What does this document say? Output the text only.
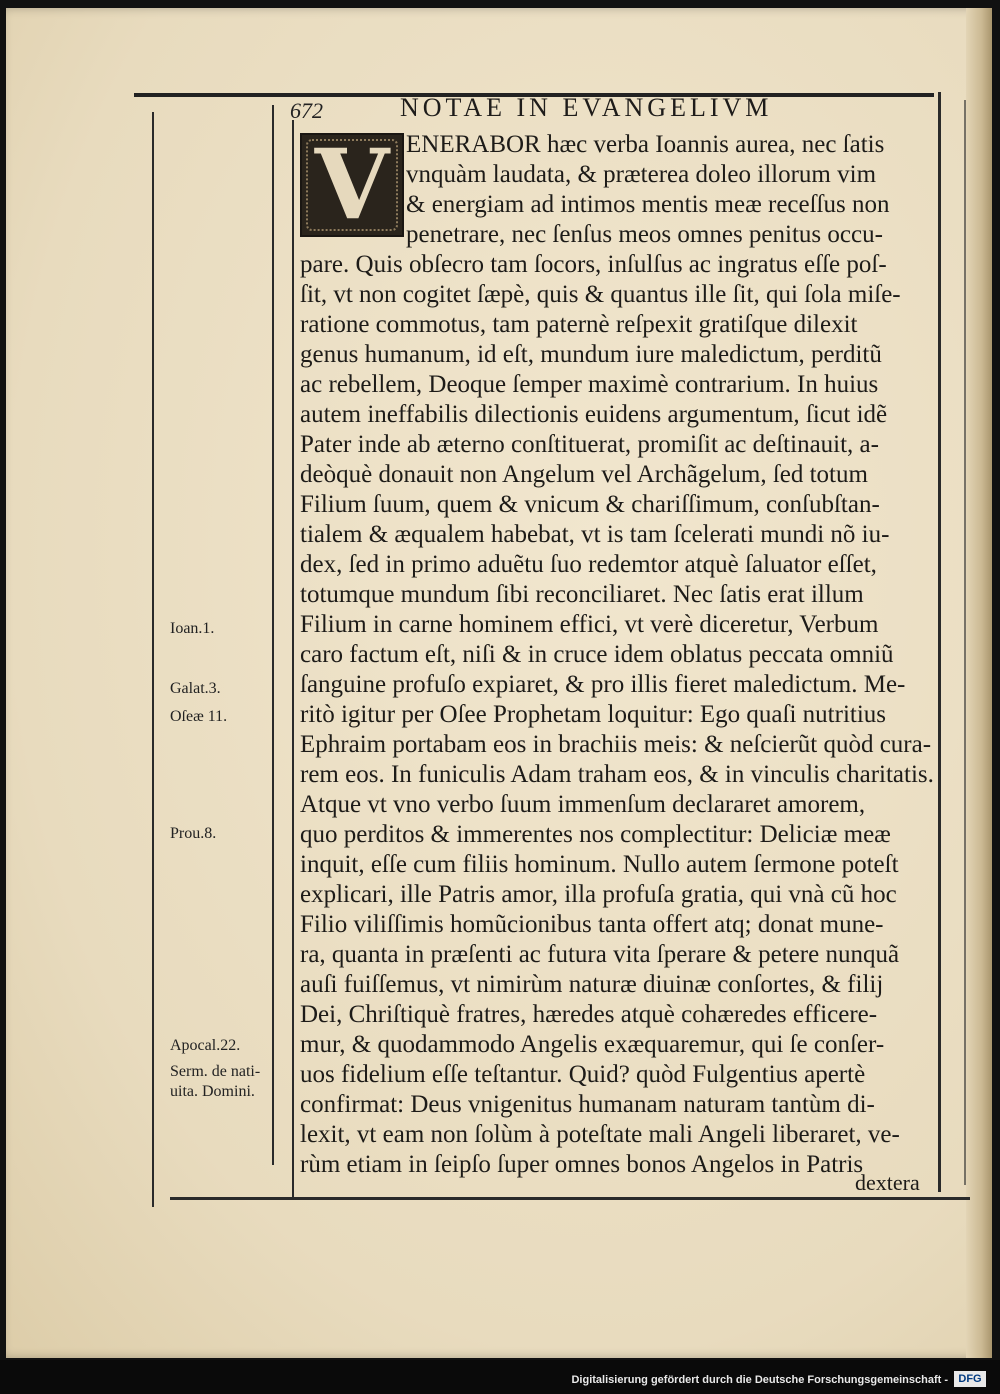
672	NOTAE IN EVANGELIVM
V ENERABOR hæc verba Ioannis aurea, nec ſatis
vnquàm laudata, & præterea doleo illorum vim
& energiam ad intimos mentis meæ receſſus non
penetrare, nec ſenſus meos omnes penitus occu-
pare. Quis obſecro tam ſocors, inſulſus ac ingratus eſſe poſ-
ſit, vt non cogitet ſæpè, quis & quantus ille ſit, qui ſola miſe-
ratione commotus, tam paternè reſpexit gratiſque dilexit
genus humanum, id eſt, mundum iure maledictum, perditũ
ac rebellem, Deoque ſemper maximè contrarium. In huius
autem ineffabilis dilectionis euidens argumentum, ſicut idẽ
Pater inde ab æterno conſtituerat, promiſit ac deſtinauit, a-
deòquè donauit non Angelum vel Archãgelum, ſed totum
Filium ſuum, quem & vnicum & chariſſimum, conſubſtan-
tialem & æqualem habebat, vt is tam ſcelerati mundi nõ iu-
dex, ſed in primo aduẽtu ſuo redemtor atquè ſaluator eſſet,
totumque mundum ſibi reconciliaret. Nec ſatis erat illum
Filium in carne hominem effici, vt verè diceretur, Verbum
caro factum eſt, niſi & in cruce idem oblatus peccata omniũ
ſanguine profuſo expiaret, & pro illis fieret maledictum. Me-
ritò igitur per Oſee Prophetam loquitur: Ego quaſi nutritius
Ephraim portabam eos in brachiis meis: & neſcierũt quòd cura-
rem eos. In funiculis Adam traham eos, & in vinculis charitatis.
Atque vt vno verbo ſuum immenſum declararet amorem,
quo perditos & immerentes nos complectitur: Deliciæ meæ
inquit, eſſe cum filiis hominum. Nullo autem ſermone poteſt
explicari, ille Patris amor, illa profuſa gratia, qui vnà cũ hoc
Filio viliſſimis homũcionibus tanta offert atq; donat mune-
ra, quanta in præſenti ac futura vita ſperare & petere nunquã
auſi fuiſſemus, vt nimirùm naturæ diuinæ conſortes, & filij
Dei, Chriſtiquè fratres, hæredes atquè cohæredes efficere-
mur, & quodammodo Angelis exæquaremur, qui ſe conſer-
uos fidelium eſſe teſtantur. Quid? quòd Fulgentius apertè
confirmat: Deus vnigenitus humanam naturam tantùm di-
lexit, vt eam non ſolùm à poteſtate mali Angeli liberaret, ve-
rùm etiam in ſeipſo ſuper omnes bonos Angelos in Patris
Ioan.1.
Galat.3.
Oſeæ 11.
Prou.8.
Apocal.22.
Serm. de nati-
uita. Domini.
dextera
Digitalisierung gefördert durch die Deutsche Forschungsgemeinschaft - DFG
